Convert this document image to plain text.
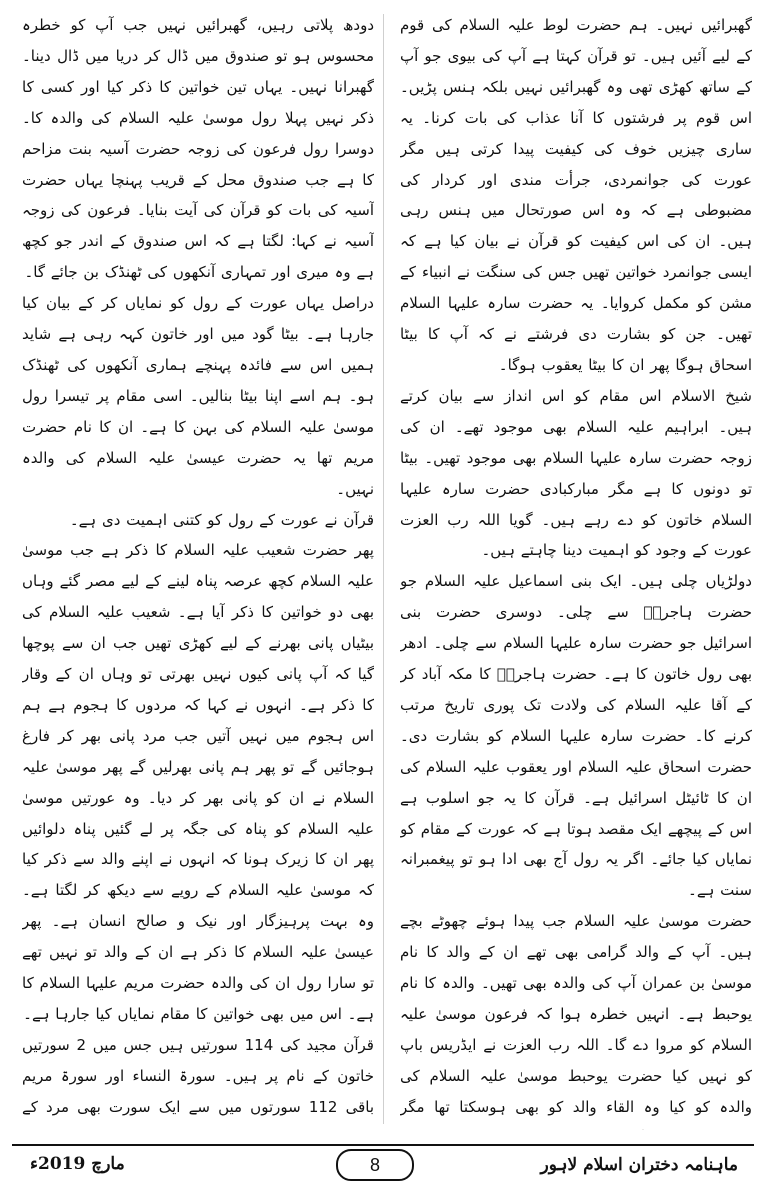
گھبرائیں نہیں۔ ہم حضرت لوط علیہ السلام کی قوم کے لیے آئیں ہیں۔ تو قرآن کہتا ہے آپ کی بیوی جو آپ کے ساتھ کھڑی تھی وہ گھبرائیں نہیں بلکہ ہنس پڑیں۔ اس قوم پر فرشتوں کا آنا عذاب کی بات کرنا۔ یہ ساری چیزیں خوف کی کیفیت پیدا کرتی ہیں مگر عورت کی جوانمردی، جرأت مندی اور کردار کی مضبوطی ہے کہ وہ اس صورتحال میں ہنس رہی ہیں۔ ان کی اس کیفیت کو قرآن نے بیان کیا ہے کہ ایسی جوانمرد خواتین تھیں جس کی سنگت نے انبیاء کے مشن کو مکمل کروایا۔ یہ حضرت سارہ علیہا السلام تھیں۔ جن کو بشارت دی فرشتے نے کہ آپ کا بیٹا اسحاق ہوگا پھر ان کا بیٹا یعقوب ہوگا۔

شیخ الاسلام اس مقام کو اس انداز سے بیان کرتے ہیں۔ ابراہیم علیہ السلام بھی موجود تھے۔ ان کی زوجہ حضرت سارہ علیہا السلام بھی موجود تھیں۔ بیٹا تو دونوں کا ہے مگر مبارکبادی حضرت سارہ علیہا السلام خاتون کو دے رہے ہیں۔ گویا اللہ رب العزت عورت کے وجود کو اہمیت دینا چاہتے ہیں۔

دولڑیاں چلی ہیں۔ ایک بنی اسماعیل علیہ السلام جو حضرت ہاجرہؑ سے چلی۔ دوسری حضرت بنی اسرائیل جو حضرت سارہ علیہا السلام سے چلی۔ ادھر بھی رول خاتون کا ہے۔ حضرت ہاجرہؑ کا مکہ آباد کر کے آقا علیہ السلام کی ولادت تک پوری تاریخ مرتب کرنے کا۔ حضرت سارہ علیہا السلام کو بشارت دی۔ حضرت اسحاق علیہ السلام اور یعقوب علیہ السلام کی ان کا ٹائیٹل اسرائیل ہے۔ قرآن کا یہ جو اسلوب ہے اس کے پیچھے ایک مقصد ہوتا ہے کہ عورت کے مقام کو نمایاں کیا جائے۔ اگر یہ رول آج بھی ادا ہو تو پیغمبرانہ سنت ہے۔

حضرت موسیٰ علیہ السلام جب پیدا ہوئے چھوٹے بچے ہیں۔ آپ کے والد گرامی بھی تھے ان کے والد کا نام موسیٰ بن عمران آپ کی والدہ بھی تھیں۔ والدہ کا نام یوحبط ہے۔ انہیں خطرہ ہوا کہ فرعون موسیٰ علیہ السلام کو مروا دے گا۔ اللہ رب العزت نے ایڈریس باپ کو نہیں کیا حضرت یوحبط موسیٰ علیہ السلام کی والدہ کو کیا وہ القاء والد کو بھی ہوسکتا تھا مگر

دودھ پلاتی رہیں، گھبرائیں نہیں جب آپ کو خطرہ محسوس ہو تو صندوق میں ڈال کر دریا میں ڈال دینا۔ گھبرانا نہیں۔ یہاں تین خواتین کا ذکر کیا اور کسی کا ذکر نہیں پہلا رول موسیٰ علیہ السلام کی والدہ کا۔ دوسرا رول فرعون کی زوجہ حضرت آسیہ بنت مزاحم کا ہے جب صندوق محل کے قریب پہنچا یہاں حضرت آسیہ کی بات کو قرآن کی آیت بنایا۔ فرعون کی زوجہ آسیہ نے کہا: لگتا ہے کہ اس صندوق کے اندر جو کچھ ہے وہ میری اور تمہاری آنکھوں کی ٹھنڈک بن جائے گا۔

دراصل یہاں عورت کے رول کو نمایاں کر کے بیان کیا جارہا ہے۔ بیٹا گود میں اور خاتون کہہ رہی ہے شاید ہمیں اس سے فائدہ پہنچے ہماری آنکھوں کی ٹھنڈک ہو۔ ہم اسے اپنا بیٹا بنالیں۔ اسی مقام پر تیسرا رول موسیٰ علیہ السلام کی بہن کا ہے۔ ان کا نام حضرت مریم تھا یہ حضرت عیسیٰ علیہ السلام کی والدہ نہیں۔

قرآن نے عورت کے رول کو کتنی اہمیت دی ہے۔

پھر حضرت شعیب علیہ السلام کا ذکر ہے جب موسیٰ علیہ السلام کچھ عرصہ پناہ لینے کے لیے مصر گئے وہاں بھی دو خواتین کا ذکر آیا ہے۔ شعیب علیہ السلام کی بیٹیاں پانی بھرنے کے لیے کھڑی تھیں جب ان سے پوچھا گیا کہ آپ پانی کیوں نہیں بھرتی تو وہاں ان کے وقار کا ذکر ہے۔ انہوں نے کہا کہ مردوں کا ہجوم ہے ہم اس ہجوم میں نہیں آتیں جب مرد پانی بھر کر فارغ ہوجائیں گے تو پھر ہم پانی بھرلیں گے پھر موسیٰ علیہ السلام نے ان کو پانی بھر کر دیا۔ وہ عورتیں موسیٰ علیہ السلام کو پناہ کی جگہ پر لے گئیں پناہ دلوائیں پھر ان کا زیرک ہونا کہ انہوں نے اپنے والد سے ذکر کیا کہ موسیٰ علیہ السلام کے رویے سے دیکھ کر لگتا ہے۔ وہ بہت پرہیزگار اور نیک و صالح انسان ہے۔ پھر عیسیٰ علیہ السلام کا ذکر ہے ان کے والد تو نہیں تھے تو سارا رول ان کی والدہ حضرت مریم علیہا السلام کا ہے۔ اس میں بھی خواتین کا مقام نمایاں کیا جارہا ہے۔

قرآن مجید کی 114 سورتیں ہیں جس میں 2 سورتیں خاتون کے نام پر ہیں۔ سورۃ النساء اور سورۃ مریم باقی 112 سورتوں میں سے ایک سورت بھی مرد کے

ماہنامہ دختران اسلام لاہور
8
مارچ 2019ء
